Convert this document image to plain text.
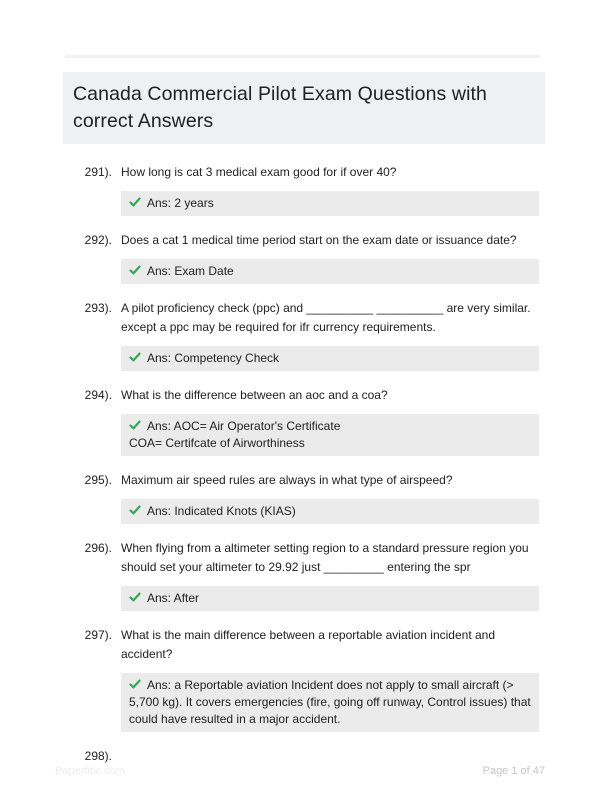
Canada Commercial Pilot Exam Questions with correct Answers
291). How long is cat 3 medical exam good for if over 40?
Ans: 2 years
292). Does a cat 1 medical time period start on the exam date or issuance date?
Ans: Exam Date
293). A pilot proficiency check (ppc) and __________ __________ are very similar. except a ppc may be required for ifr currency requirements.
Ans: Competency Check
294). What is the difference between an aoc and a coa?
Ans: AOC= Air Operator's Certificate
COA= Certifcate of Airworthiness
295). Maximum air speed rules are always in what type of airspeed?
Ans: Indicated Knots (KIAS)
296). When flying from a altimeter setting region to a standard pressure region you should set your altimeter to 29.92 just _________ entering the spr
Ans: After
297). What is the main difference between a reportable aviation incident and accident?
Ans: a Reportable aviation Incident does not apply to small aircraft (> 5,700 kg). It covers emergencies (fire, going off runway, Control issues) that could have resulted in a major accident.
298).
Paperfitic.com	Page 1 of 47
